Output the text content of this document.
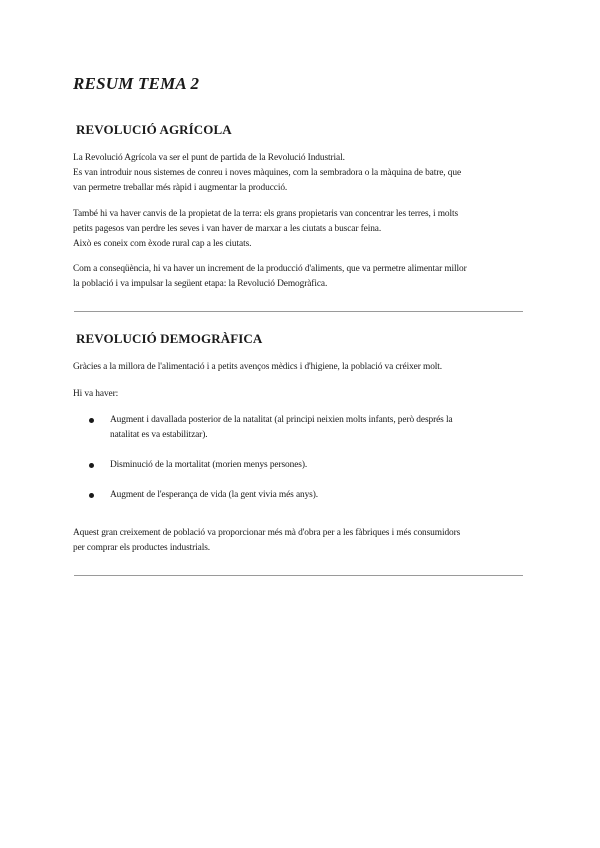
RESUM TEMA 2
REVOLUCIÓ AGRÍCOLA

La Revolució Agrícola va ser el punt de partida de la Revolució Industrial.
Es van introduir nous sistemes de conreu i noves màquines, com la sembradora o la màquina de batre, que
van permetre treballar més ràpid i augmentar la producció.

També hi va haver canvis de la propietat de la terra: els grans propietaris van concentrar les terres, i molts
petits pagesos van perdre les seves i van haver de marxar a les ciutats a buscar feina.
Això es coneix com èxode rural cap a les ciutats.

Com a conseqüència, hi va haver un increment de la producció d'aliments, que va permetre alimentar millor
la població i va impulsar la següent etapa: la Revolució Demogràfica.

REVOLUCIÓ DEMOGRÀFICA

Gràcies a la millora de l'alimentació i a petits avenços mèdics i d'higiene, la població va créixer molt.

Hi va haver:

Augment i davallada posterior de la natalitat (al principi neixien molts infants, però després la
natalitat es va estabilitzar).
Disminució de la mortalitat (morien menys persones).
Augment de l'esperança de vida (la gent vivia més anys).

Aquest gran creixement de població va proporcionar més mà d'obra per a les fàbriques i més consumidors
per comprar els productes industrials.
